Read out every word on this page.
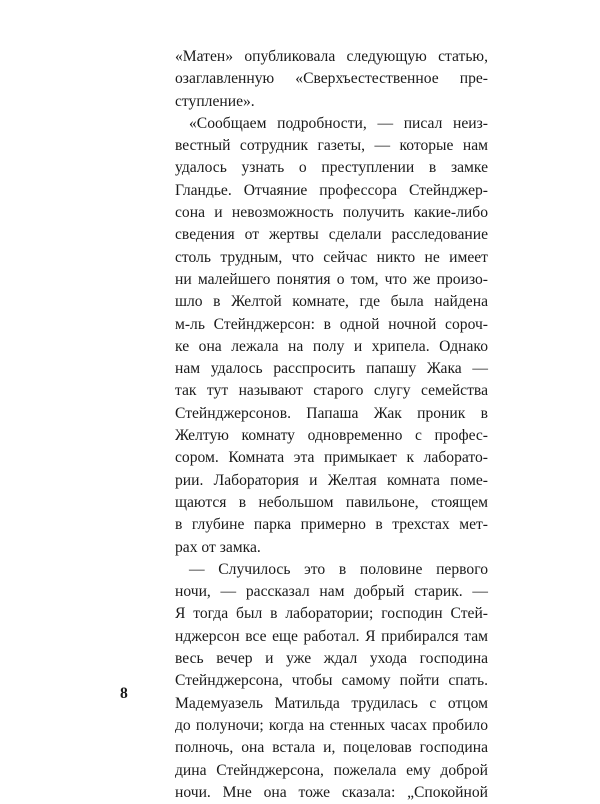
«Матен» опубликовала следующую статью,
озаглавленную «Сверхъестественное пре-
ступление».
«Сообщаем подробности, — писал неиз-
вестный сотрудник газеты, — которые нам
удалось узнать о преступлении в замке
Гландье. Отчаяние профессора Стейнджер-
сона и невозможность получить какие-либо
сведения от жертвы сделали расследование
столь трудным, что сейчас никто не имеет
ни малейшего понятия о том, что же произо-
шло в Желтой комнате, где была найдена
м-ль Стейнджерсон: в одной ночной сороч-
ке она лежала на полу и хрипела. Однако
нам удалось расспросить папашу Жака —
так тут называют старого слугу семейства
Стейнджерсонов. Папаша Жак проник в
Желтую комнату одновременно с профес-
сором. Комната эта примыкает к лаборато-
рии. Лаборатория и Желтая комната поме-
щаются в небольшом павильоне, стоящем
в глубине парка примерно в трехстах мет-
рах от замка.
— Случилось это в половине первого
ночи, — рассказал нам добрый старик. —
Я тогда был в лаборатории; господин Стей-
нджерсон все еще работал. Я прибирался там
весь вечер и уже ждал ухода господина
Стейнджерсона, чтобы самому пойти спать.
Мадемуазель Матильда трудилась с отцом
до полуночи; когда на стенных часах пробило
полночь, она встала и, поцеловав господина
дина Стейнджерсона, пожелала ему доброй
ночи. Мне она тоже сказала: „Спокойной
8
